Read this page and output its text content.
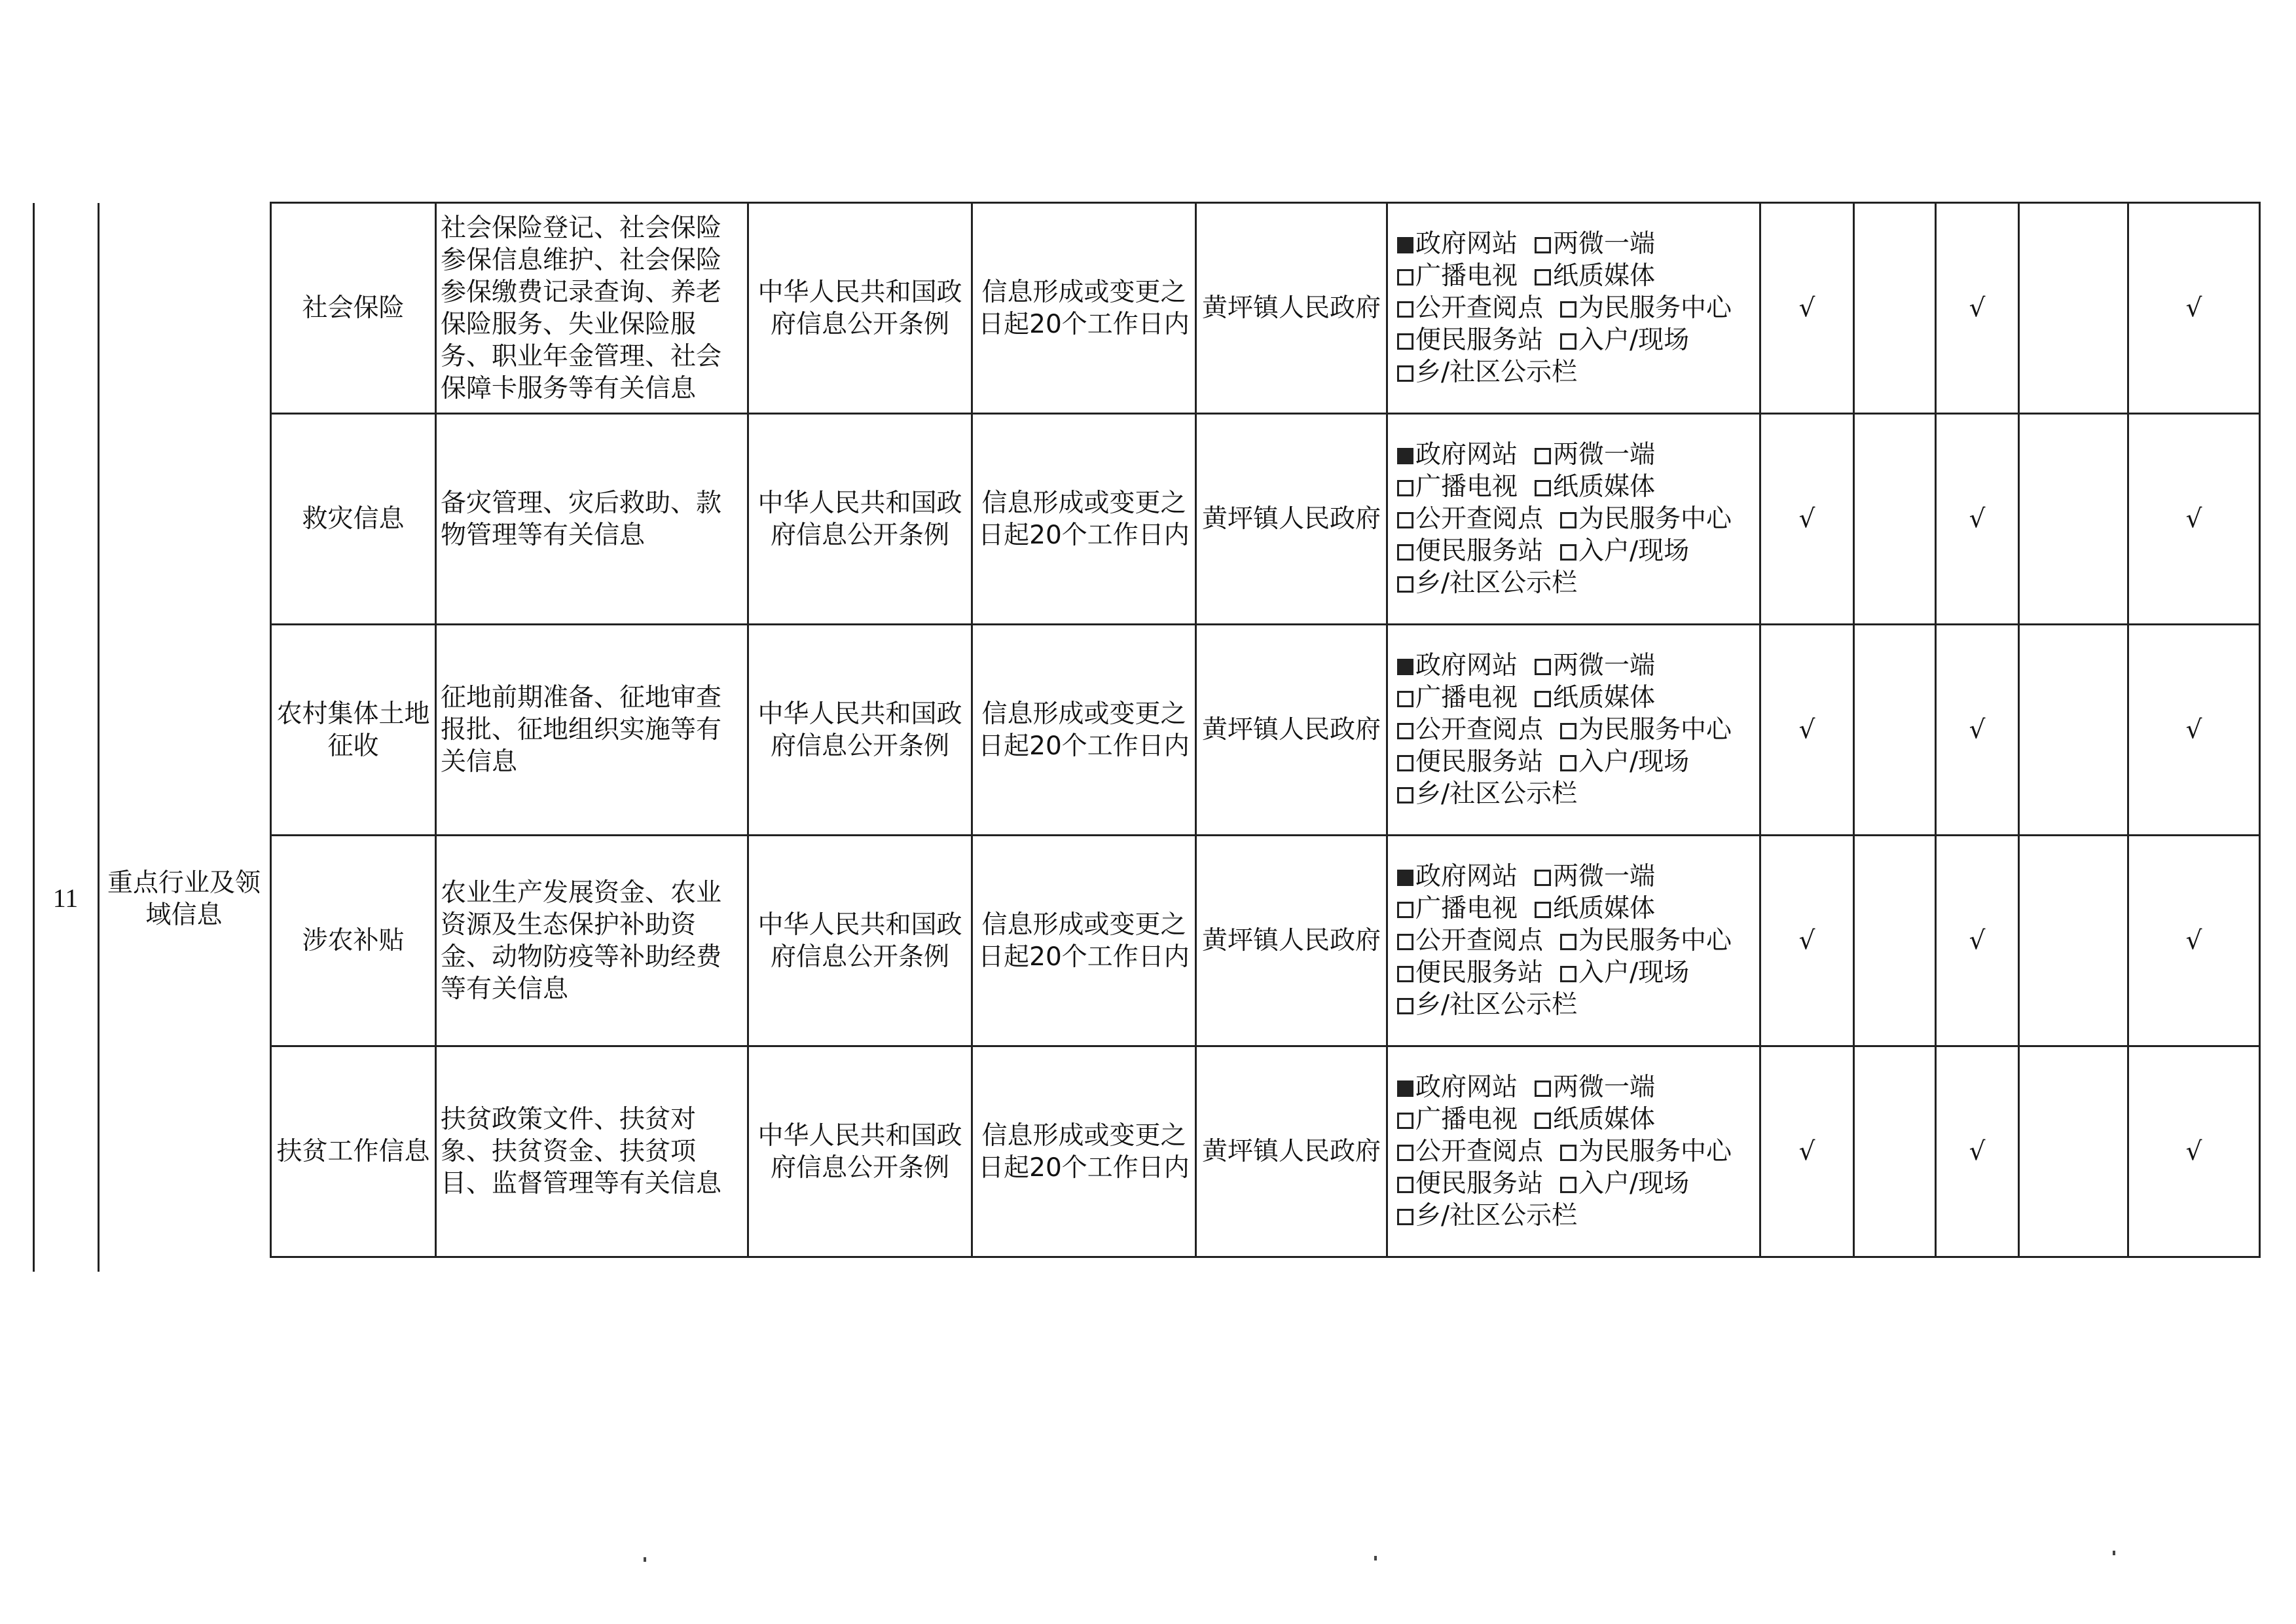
11
重点行业及领域信息
社会保险	社会保险登记、社会保险参保信息维护、社会保险参保缴费记录查询、养老保险服务、失业保险服务、职业年金管理、社会保障卡服务等有关信息	中华人民共和国政府信息公开条例	信息形成或变更之日起20个工作日内	黄坪镇人民政府	政府网站 两微一端
广播电视 纸质媒体
公开查阅点 为民服务中心
便民服务站 入户/现场
乡/社区公示栏	√		√		√
救灾信息	备灾管理、灾后救助、款物管理等有关信息	中华人民共和国政府信息公开条例	信息形成或变更之日起20个工作日内	黄坪镇人民政府	政府网站 两微一端
广播电视 纸质媒体
公开查阅点 为民服务中心
便民服务站 入户/现场
乡/社区公示栏	√		√		√
农村集体土地征收	征地前期准备、征地审查报批、征地组织实施等有关信息	中华人民共和国政府信息公开条例	信息形成或变更之日起20个工作日内	黄坪镇人民政府	政府网站 两微一端
广播电视 纸质媒体
公开查阅点 为民服务中心
便民服务站 入户/现场
乡/社区公示栏	√		√		√
涉农补贴	农业生产发展资金、农业资源及生态保护补助资金、动物防疫等补助经费等有关信息	中华人民共和国政府信息公开条例	信息形成或变更之日起20个工作日内	黄坪镇人民政府	政府网站 两微一端
广播电视 纸质媒体
公开查阅点 为民服务中心
便民服务站 入户/现场
乡/社区公示栏	√		√		√
扶贫工作信息	扶贫政策文件、扶贫对象、扶贫资金、扶贫项目、监督管理等有关信息	中华人民共和国政府信息公开条例	信息形成或变更之日起20个工作日内	黄坪镇人民政府	政府网站 两微一端
广播电视 纸质媒体
公开查阅点 为民服务中心
便民服务站 入户/现场
乡/社区公示栏	√		√		√
